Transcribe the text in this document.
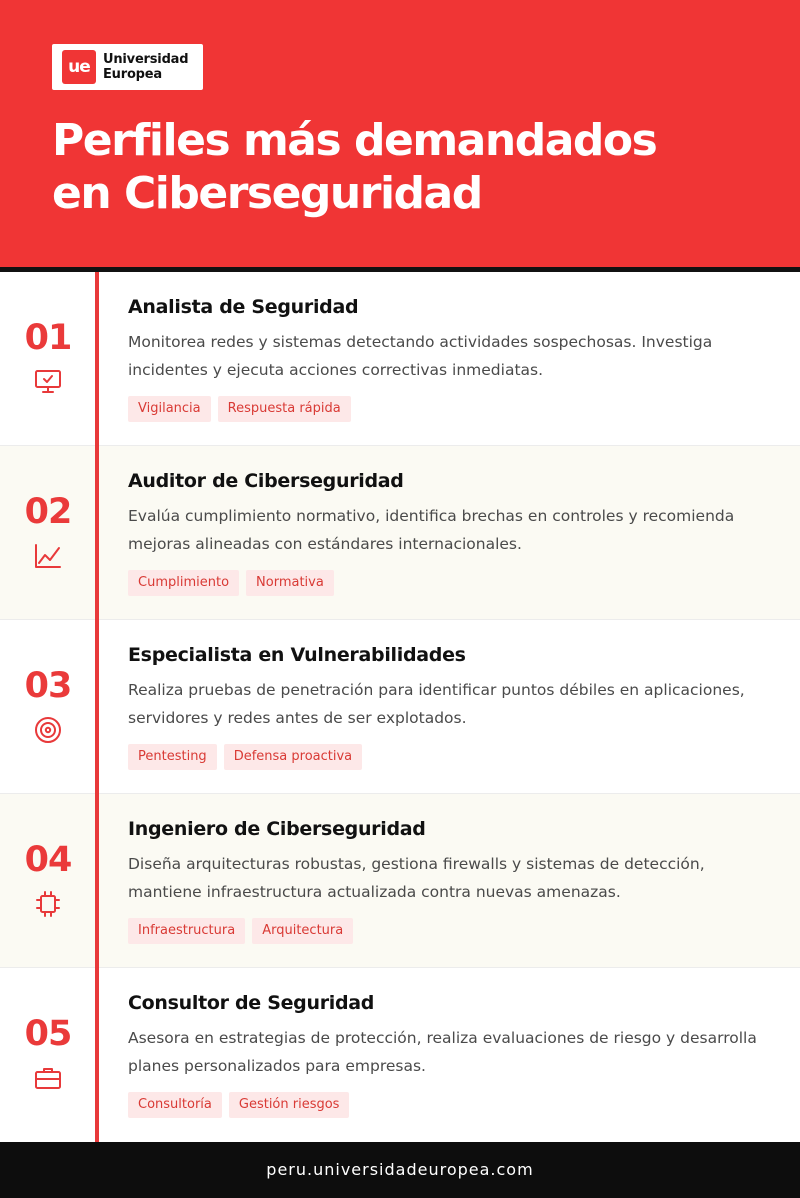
ue	Universidad
Europea
Perfiles más demandados
en Ciberseguridad
01
Analista de Seguridad
Monitorea redes y sistemas detectando actividades sospechosas. Investiga incidentes y ejecuta acciones correctivas inmediatas.
Vigilancia	Respuesta rápida
02
Auditor de Ciberseguridad
Evalúa cumplimiento normativo, identifica brechas en controles y recomienda mejoras alineadas con estándares internacionales.
Cumplimiento	Normativa
03
Especialista en Vulnerabilidades
Realiza pruebas de penetración para identificar puntos débiles en aplicaciones, servidores y redes antes de ser explotados.
Pentesting	Defensa proactiva
04
Ingeniero de Ciberseguridad
Diseña arquitecturas robustas, gestiona firewalls y sistemas de detección, mantiene infraestructura actualizada contra nuevas amenazas.
Infraestructura	Arquitectura
05
Consultor de Seguridad
Asesora en estrategias de protección, realiza evaluaciones de riesgo y desarrolla planes personalizados para empresas.
Consultoría	Gestión riesgos
peru.universidadeuropea.com
